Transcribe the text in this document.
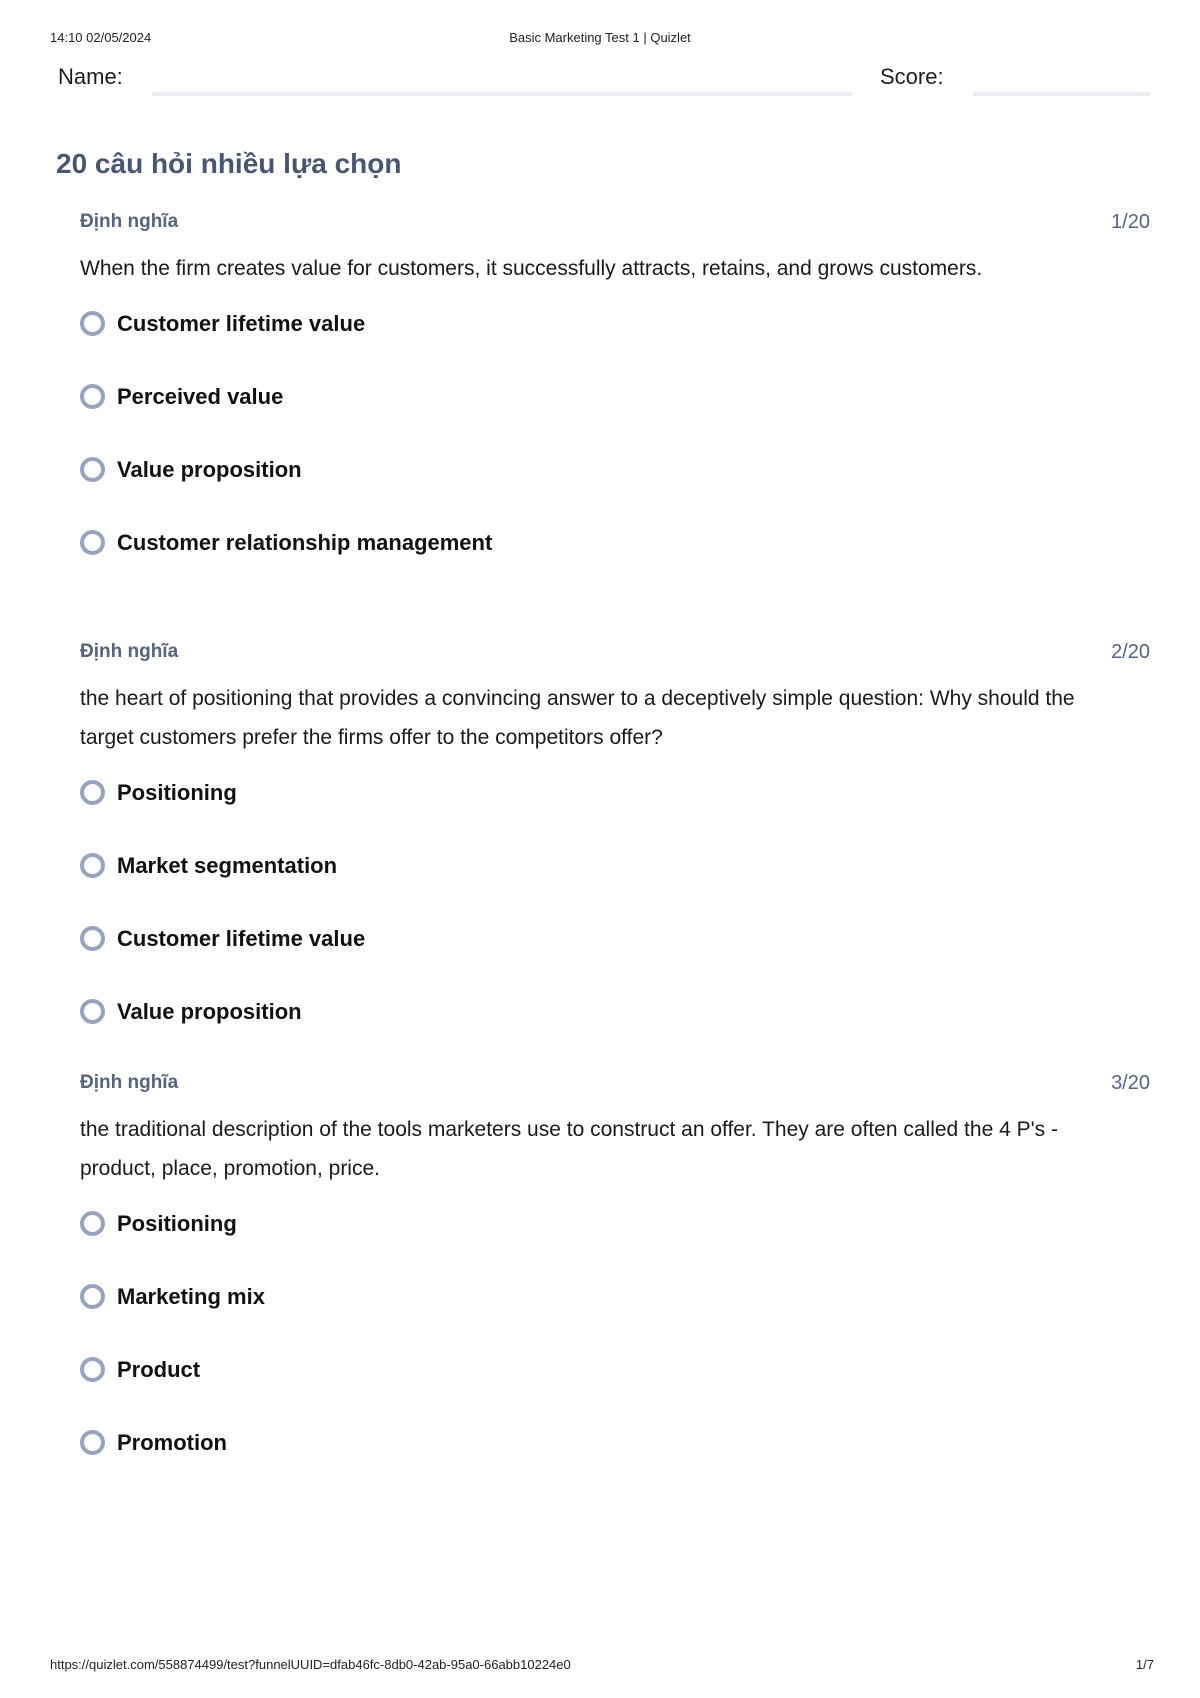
14:10 02/05/2024	Basic Marketing Test 1 | Quizlet
Name:	Score:
20 câu hỏi nhiều lựa chọn
Định nghĩa	1/20
When the firm creates value for customers, it successfully attracts, retains, and grows customers.
Customer lifetime value
Perceived value
Value proposition
Customer relationship management
Định nghĩa	2/20
the heart of positioning that provides a convincing answer to a deceptively simple question: Why should the target customers prefer the firms offer to the competitors offer?
Positioning
Market segmentation
Customer lifetime value
Value proposition
Định nghĩa	3/20
the traditional description of the tools marketers use to construct an offer. They are often called the 4 P's - product, place, promotion, price.
Positioning
Marketing mix
Product
Promotion
https://quizlet.com/558874499/test?funnelUUID=dfab46fc-8db0-42ab-95a0-66abb10224e0	1/7
